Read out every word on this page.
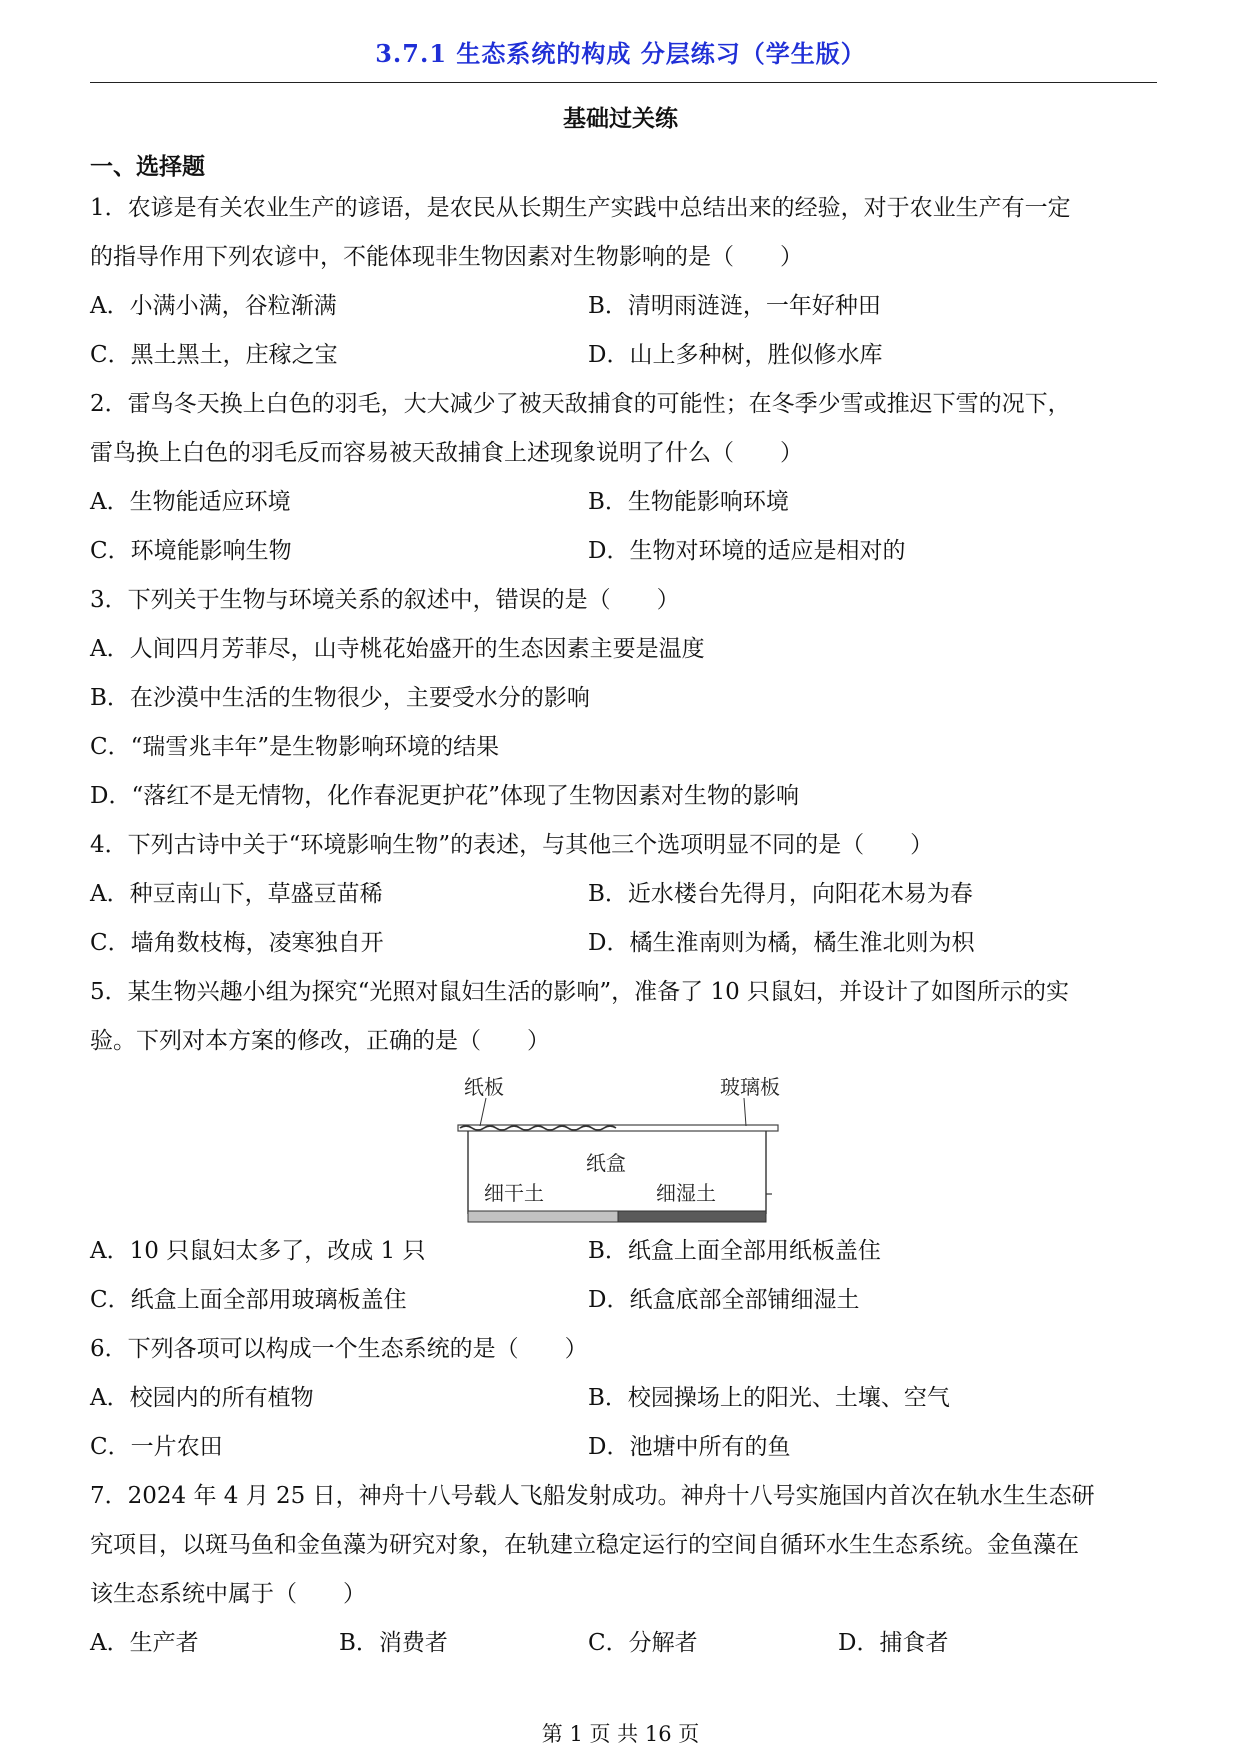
3.7.1 生态系统的构成 分层练习（学生版）
基础过关练
一、选择题
1．农谚是有关农业生产的谚语，是农民从长期生产实践中总结出来的经验，对于农业生产有一定
的指导作用下列农谚中，不能体现非生物因素对生物影响的是（　　）
A．小满小满，谷粒渐满	B．清明雨涟涟，一年好种田
C．黑土黑土，庄稼之宝	D．山上多种树，胜似修水库
2．雷鸟冬天换上白色的羽毛，大大减少了被天敌捕食的可能性；在冬季少雪或推迟下雪的况下，
雷鸟换上白色的羽毛反而容易被天敌捕食上述现象说明了什么（　　）
A．生物能适应环境	B．生物能影响环境
C．环境能影响生物	D．生物对环境的适应是相对的
3．下列关于生物与环境关系的叙述中，错误的是（　　）
A．人间四月芳菲尽，山寺桃花始盛开的生态因素主要是温度
B．在沙漠中生活的生物很少，主要受水分的影响
C．“瑞雪兆丰年”是生物影响环境的结果
D．“落红不是无情物，化作春泥更护花”体现了生物因素对生物的影响
4．下列古诗中关于“环境影响生物”的表述，与其他三个选项明显不同的是（　　）
A．种豆南山下，草盛豆苗稀	B．近水楼台先得月，向阳花木易为春
C．墙角数枝梅，凌寒独自开	D．橘生淮南则为橘，橘生淮北则为枳
5．某生物兴趣小组为探究“光照对鼠妇生活的影响”，准备了 10 只鼠妇，并设计了如图所示的实
验。下列对本方案的修改，正确的是（　　）
纸板	玻璃板
纸盒
细干土	细湿土
A．10 只鼠妇太多了，改成 1 只	B．纸盒上面全部用纸板盖住
C．纸盒上面全部用玻璃板盖住	D．纸盒底部全部铺细湿土
6．下列各项可以构成一个生态系统的是（　　）
A．校园内的所有植物	B．校园操场上的阳光、土壤、空气
C．一片农田	D．池塘中所有的鱼
7．2024 年 4 月 25 日，神舟十八号载人飞船发射成功。神舟十八号实施国内首次在轨水生生态研
究项目，以斑马鱼和金鱼藻为研究对象，在轨建立稳定运行的空间自循环水生生态系统。金鱼藻在
该生态系统中属于（　　）
A．生产者	B．消费者	C．分解者	D．捕食者
第 1 页 共 16 页
